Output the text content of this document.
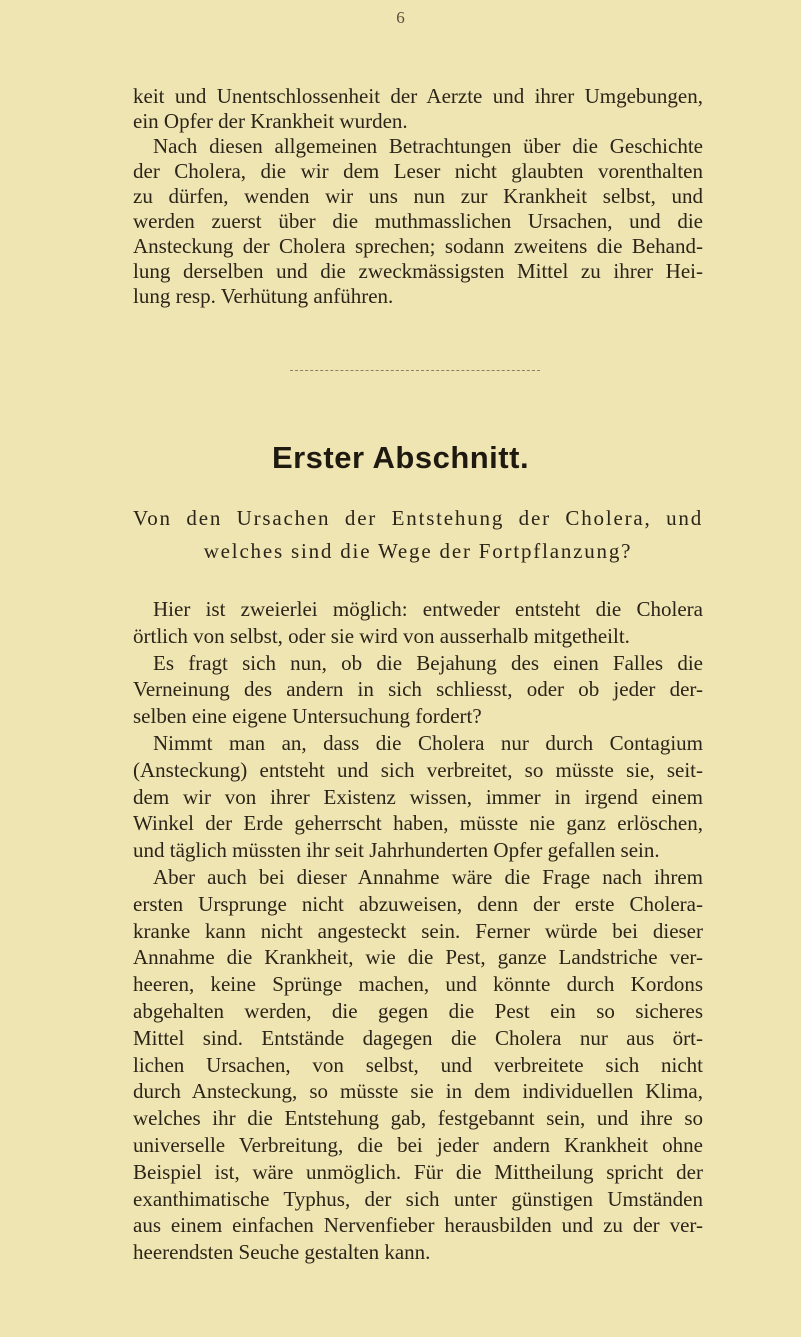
6
keit und Unentschlossenheit der Aerzte und ihrer Umgebungen,
ein Opfer der Krankheit wurden.
Nach diesen allgemeinen Betrachtungen über die Geschichte
der Cholera, die wir dem Leser nicht glaubten vorenthalten
zu dürfen, wenden wir uns nun zur Krankheit selbst, und
werden zuerst über die muthmasslichen Ursachen, und die
Ansteckung der Cholera sprechen; sodann zweitens die Behand-
lung derselben und die zweckmässigsten Mittel zu ihrer Hei-
lung resp. Verhütung anführen.
Erster Abschnitt.
Von den Ursachen der Entstehung der Cholera, und
welches sind die Wege der Fortpflanzung?
Hier ist zweierlei möglich: entweder entsteht die Cholera
örtlich von selbst, oder sie wird von ausserhalb mitgetheilt.
Es fragt sich nun, ob die Bejahung des einen Falles die
Verneinung des andern in sich schliesst, oder ob jeder der-
selben eine eigene Untersuchung fordert?
Nimmt man an, dass die Cholera nur durch Contagium
(Ansteckung) entsteht und sich verbreitet, so müsste sie, seit-
dem wir von ihrer Existenz wissen, immer in irgend einem
Winkel der Erde geherrscht haben, müsste nie ganz erlöschen,
und täglich müssten ihr seit Jahrhunderten Opfer gefallen sein.
Aber auch bei dieser Annahme wäre die Frage nach ihrem
ersten Ursprunge nicht abzuweisen, denn der erste Cholera-
kranke kann nicht angesteckt sein. Ferner würde bei dieser
Annahme die Krankheit, wie die Pest, ganze Landstriche ver-
heeren, keine Sprünge machen, und könnte durch Kordons
abgehalten werden, die gegen die Pest ein so sicheres
Mittel sind. Entstände dagegen die Cholera nur aus ört-
lichen Ursachen, von selbst, und verbreitete sich nicht
durch Ansteckung, so müsste sie in dem individuellen Klima,
welches ihr die Entstehung gab, festgebannt sein, und ihre so
universelle Verbreitung, die bei jeder andern Krankheit ohne
Beispiel ist, wäre unmöglich. Für die Mittheilung spricht der
exanthimatische Typhus, der sich unter günstigen Umständen
aus einem einfachen Nervenfieber herausbilden und zu der ver-
heerendsten Seuche gestalten kann.
